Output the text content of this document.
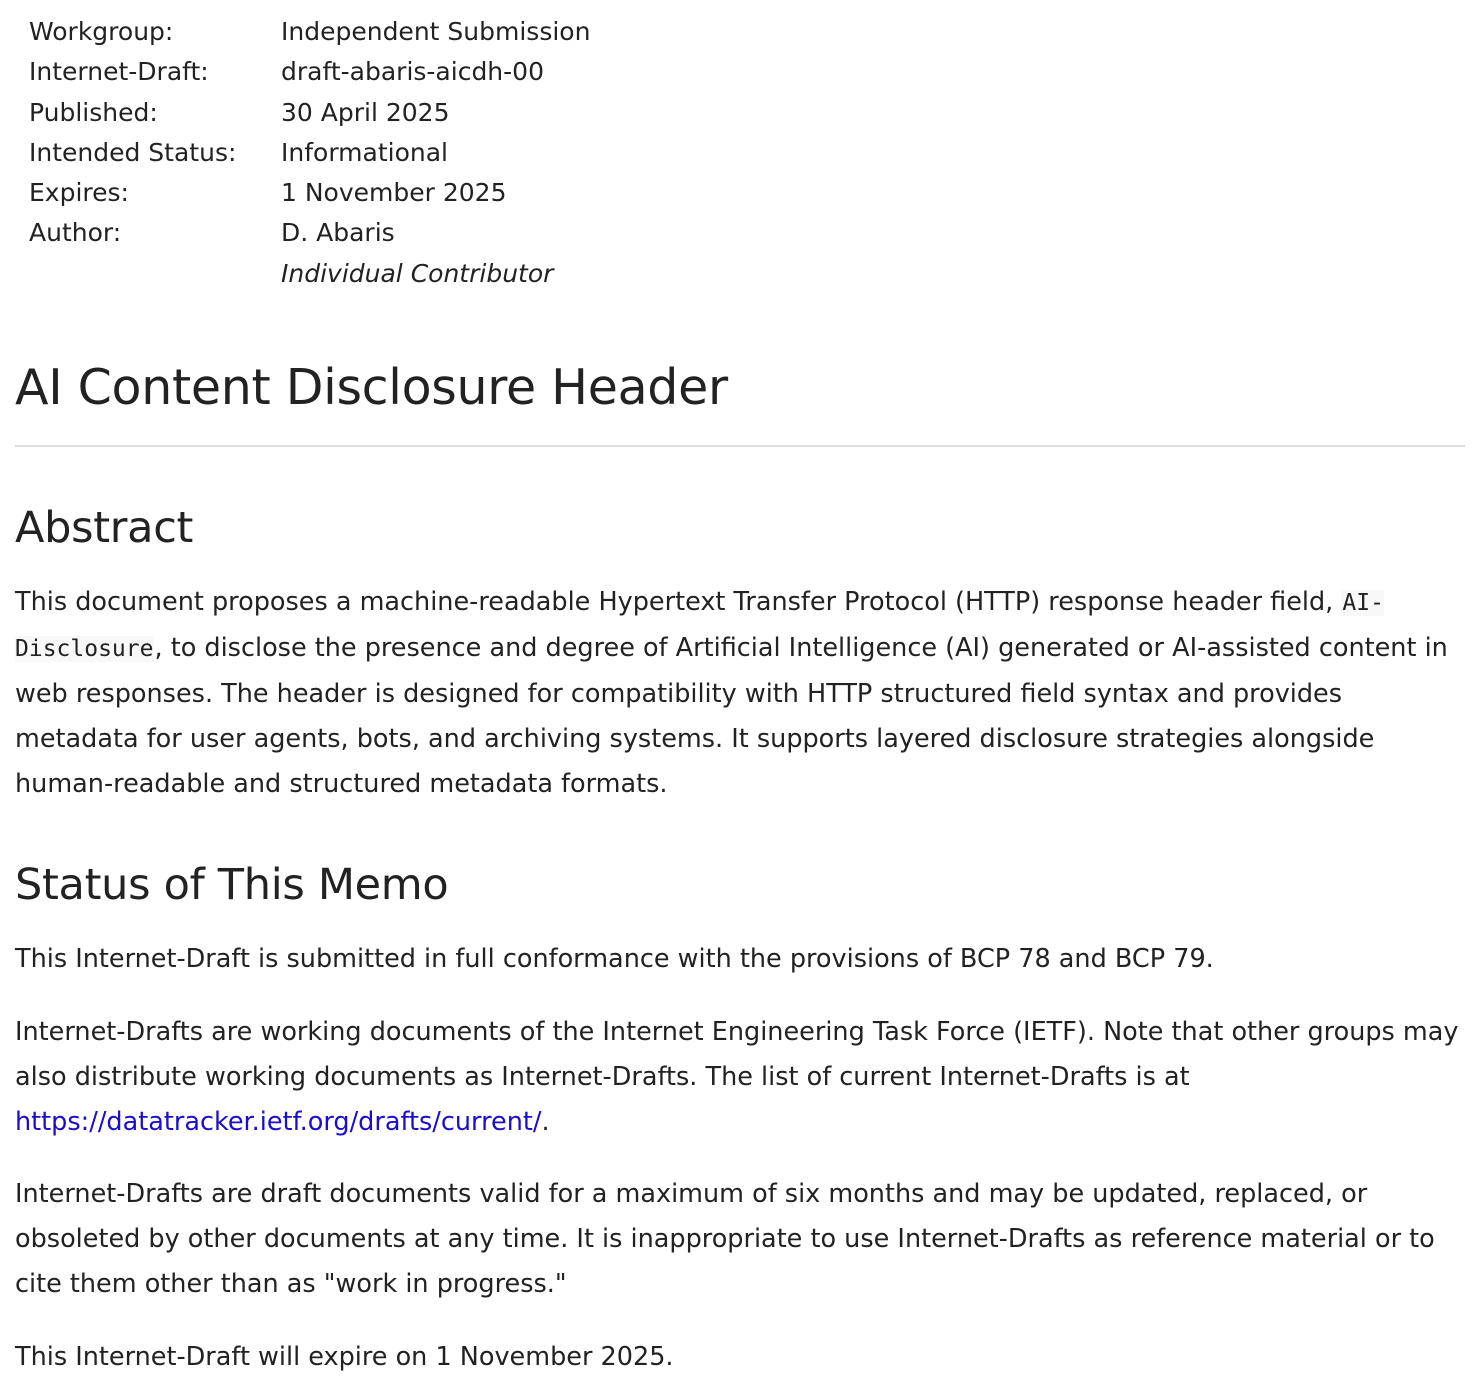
Workgroup:	Independent Submission
Internet-Draft:	draft-abaris-aicdh-00
Published:	30 April 2025
Intended Status:	Informational
Expires:	1 November 2025
Author:	D. Abaris
Individual Contributor
AI Content Disclosure Header
Abstract

This document proposes a machine-readable Hypertext Transfer Protocol (HTTP) response header field, AI-Disclosure, to disclose the presence and degree of Artificial Intelligence (AI) generated or AI-assisted content in web responses. The header is designed for compatibility with HTTP structured field syntax and provides metadata for user agents, bots, and archiving systems. It supports layered disclosure strategies alongside human-readable and structured metadata formats.

Status of This Memo

This Internet-Draft is submitted in full conformance with the provisions of BCP 78 and BCP 79.

Internet-Drafts are working documents of the Internet Engineering Task Force (IETF). Note that other groups may also distribute working documents as Internet-Drafts. The list of current Internet-Drafts is at https://datatracker.ietf.org/drafts/current/.

Internet-Drafts are draft documents valid for a maximum of six months and may be updated, replaced, or obsoleted by other documents at any time. It is inappropriate to use Internet-Drafts as reference material or to cite them other than as "work in progress."

This Internet-Draft will expire on 1 November 2025.
